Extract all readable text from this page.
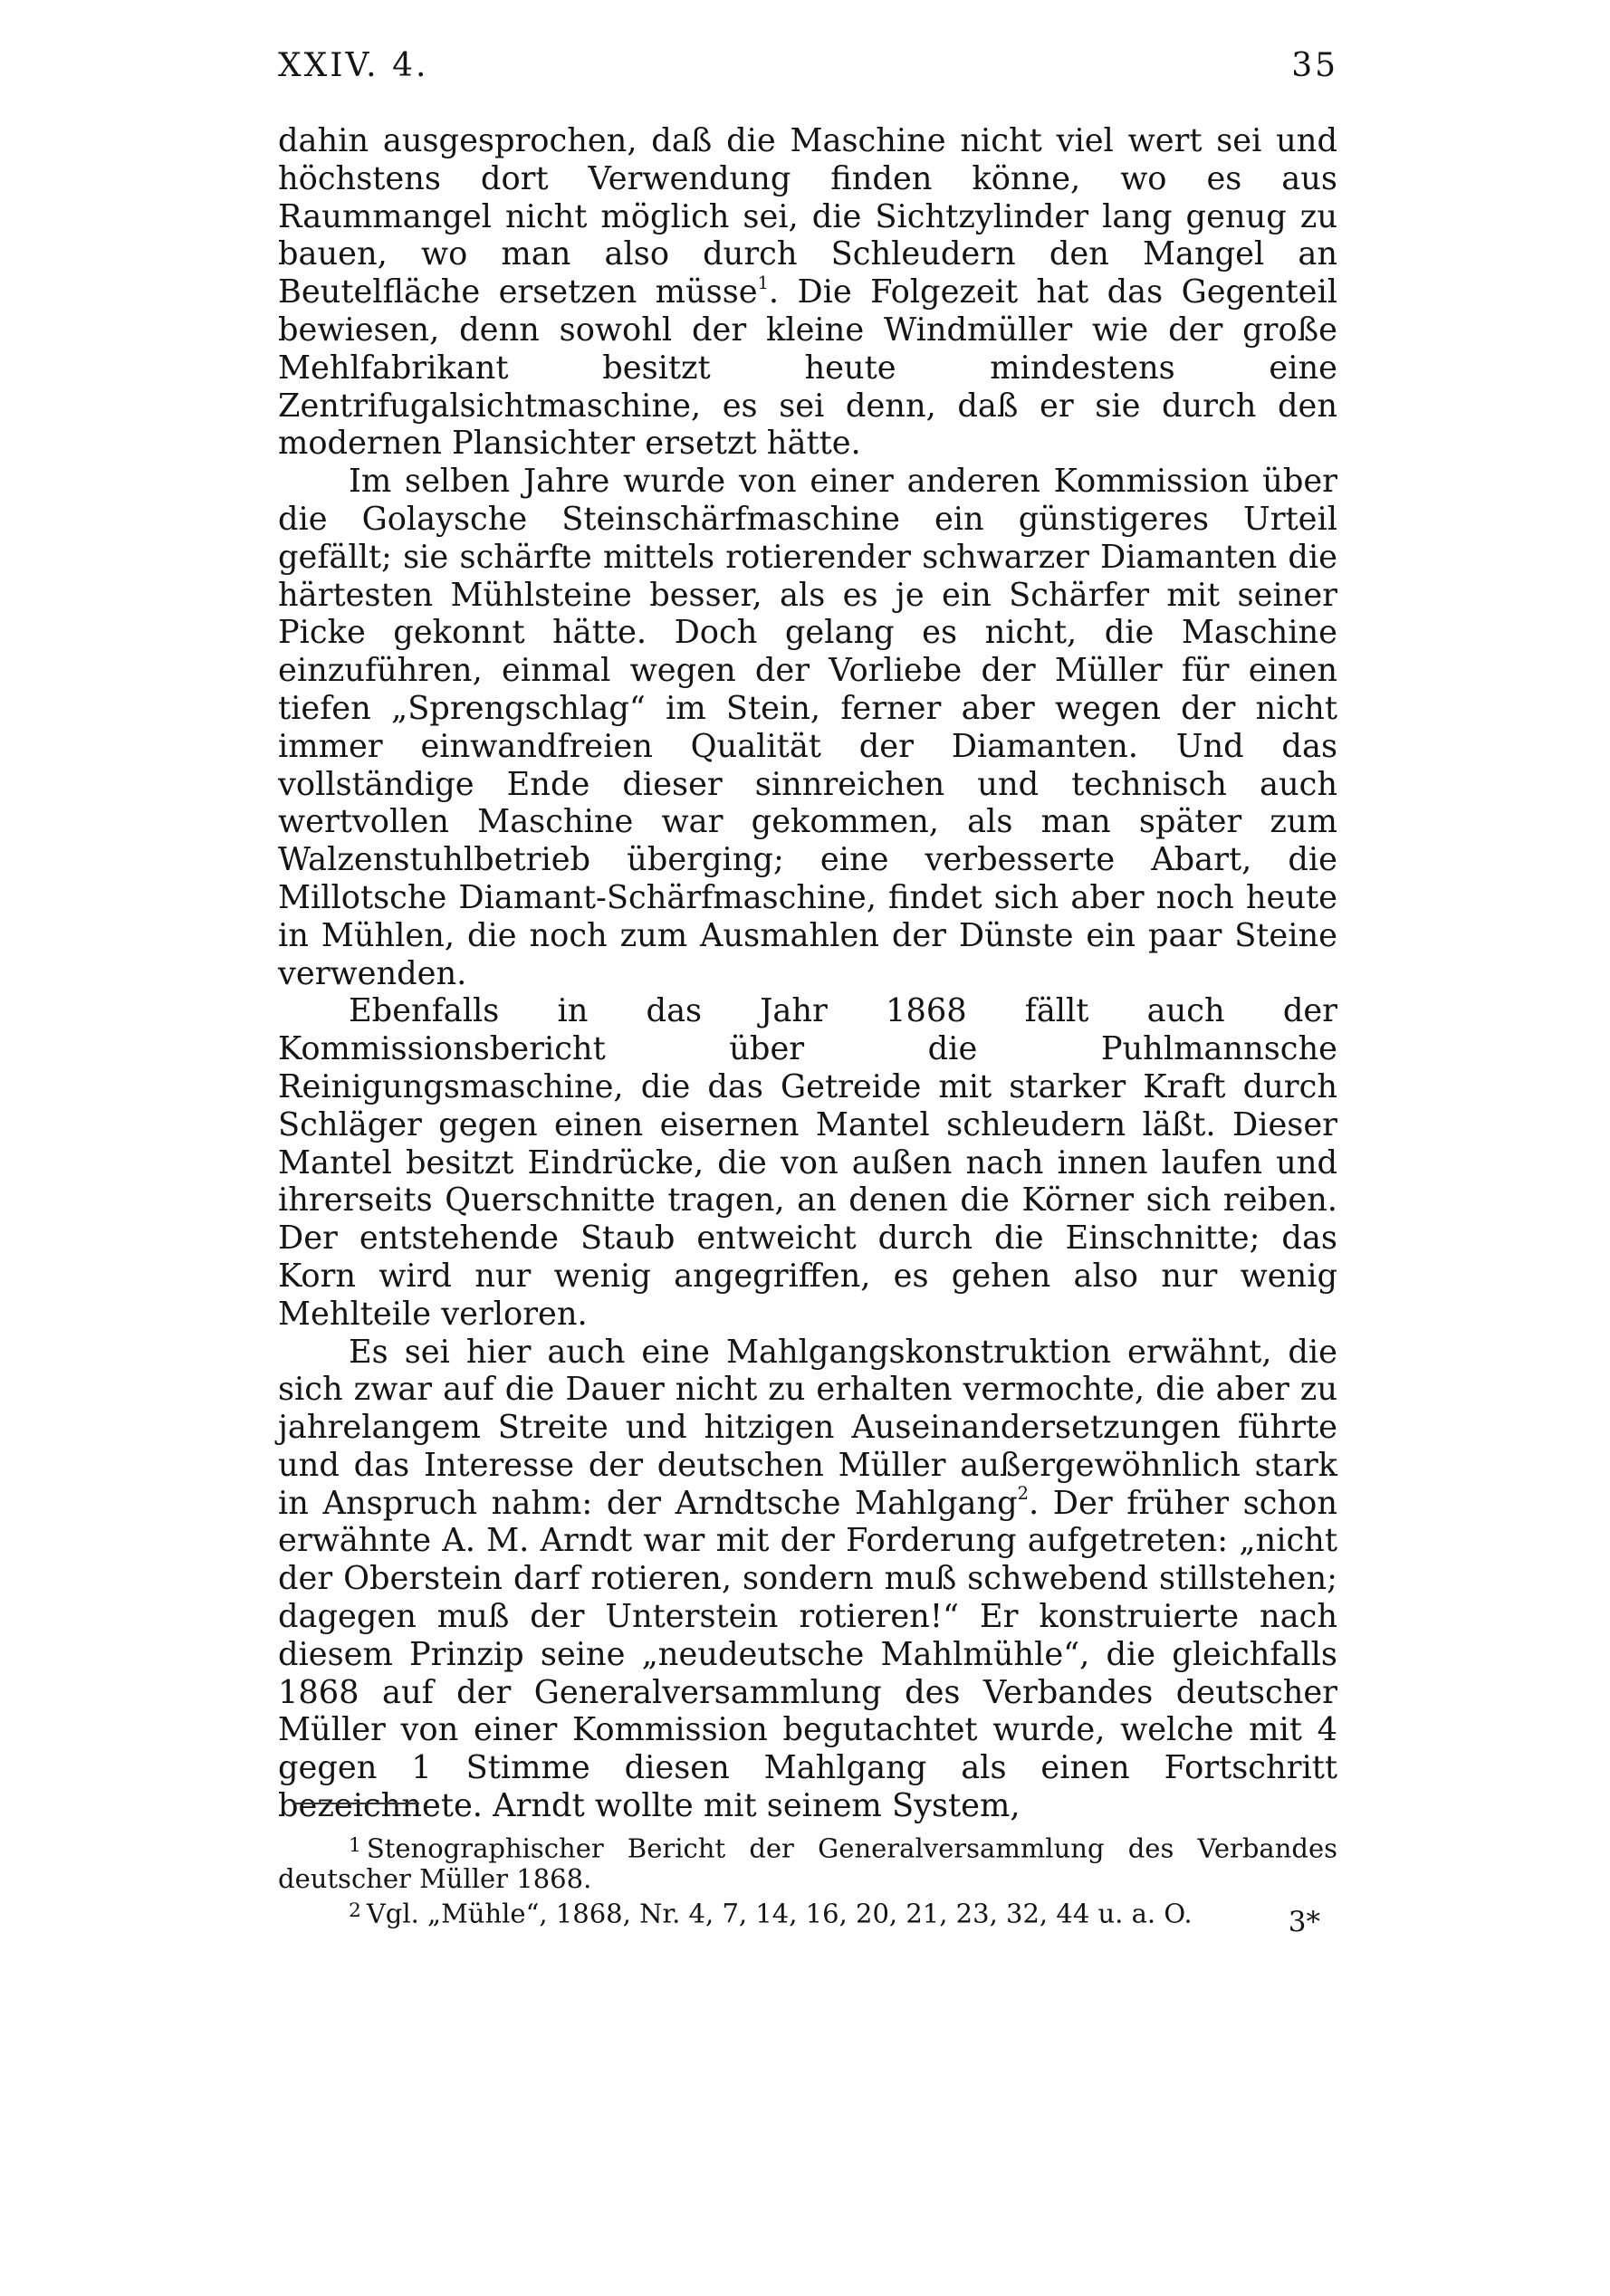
XXIV. 4.	35

dahin ausgesprochen, daß die Maschine nicht viel wert sei und höchstens dort Verwendung finden könne, wo es aus Raummangel nicht möglich sei, die Sichtzylinder lang genug zu bauen, wo man also durch Schleudern den Mangel an Beutelfläche ersetzen müsse$^1$. Die Folgezeit hat das Gegenteil bewiesen, denn sowohl der kleine Windmüller wie der große Mehlfabrikant besitzt heute mindestens eine Zentrifugalsichtmaschine, es sei denn, daß er sie durch den modernen Plansichter ersetzt hätte.

Im selben Jahre wurde von einer anderen Kommission über die Golaysche Steinschärfmaschine ein günstigeres Urteil gefällt; sie schärfte mittels rotierender schwarzer Diamanten die härtesten Mühlsteine besser, als es je ein Schärfer mit seiner Picke gekonnt hätte. Doch gelang es nicht, die Maschine einzuführen, einmal wegen der Vorliebe der Müller für einen tiefen „Sprengschlag“ im Stein, ferner aber wegen der nicht immer einwandfreien Qualität der Diamanten. Und das vollständige Ende dieser sinnreichen und technisch auch wertvollen Maschine war gekommen, als man später zum Walzenstuhlbetrieb überging; eine verbesserte Abart, die Millotsche Diamant-Schärfmaschine, findet sich aber noch heute in Mühlen, die noch zum Ausmahlen der Dünste ein paar Steine verwenden.

Ebenfalls in das Jahr 1868 fällt auch der Kommissionsbericht über die Puhlmannsche Reinigungsmaschine, die das Getreide mit starker Kraft durch Schläger gegen einen eisernen Mantel schleudern läßt. Dieser Mantel besitzt Eindrücke, die von außen nach innen laufen und ihrerseits Querschnitte tragen, an denen die Körner sich reiben. Der entstehende Staub entweicht durch die Einschnitte; das Korn wird nur wenig angegriffen, es gehen also nur wenig Mehlteile verloren.

Es sei hier auch eine Mahlgangskonstruktion erwähnt, die sich zwar auf die Dauer nicht zu erhalten vermochte, die aber zu jahrelangem Streite und hitzigen Auseinandersetzungen führte und das Interesse der deutschen Müller außergewöhnlich stark in Anspruch nahm: der Arndtsche Mahlgang$^2$. Der früher schon erwähnte A. M. Arndt war mit der Forderung aufgetreten: „nicht der Oberstein darf rotieren, sondern muß schwebend stillstehen; dagegen muß der Unterstein rotieren!“ Er konstruierte nach diesem Prinzip seine „neudeutsche Mahlmühle“, die gleichfalls 1868 auf der Generalversammlung des Verbandes deutscher Müller von einer Kommission begutachtet wurde, welche mit 4 gegen 1 Stimme diesen Mahlgang als einen Fortschritt bezeichnete. Arndt wollte mit seinem System,

$^1$ Stenographischer Bericht der Generalversammlung des Verbandes deutscher Müller 1868.

$^2$ Vgl. „Mühle“, 1868, Nr. 4, 7, 14, 16, 20, 21, 23, 32, 44 u. a. O.	3*
